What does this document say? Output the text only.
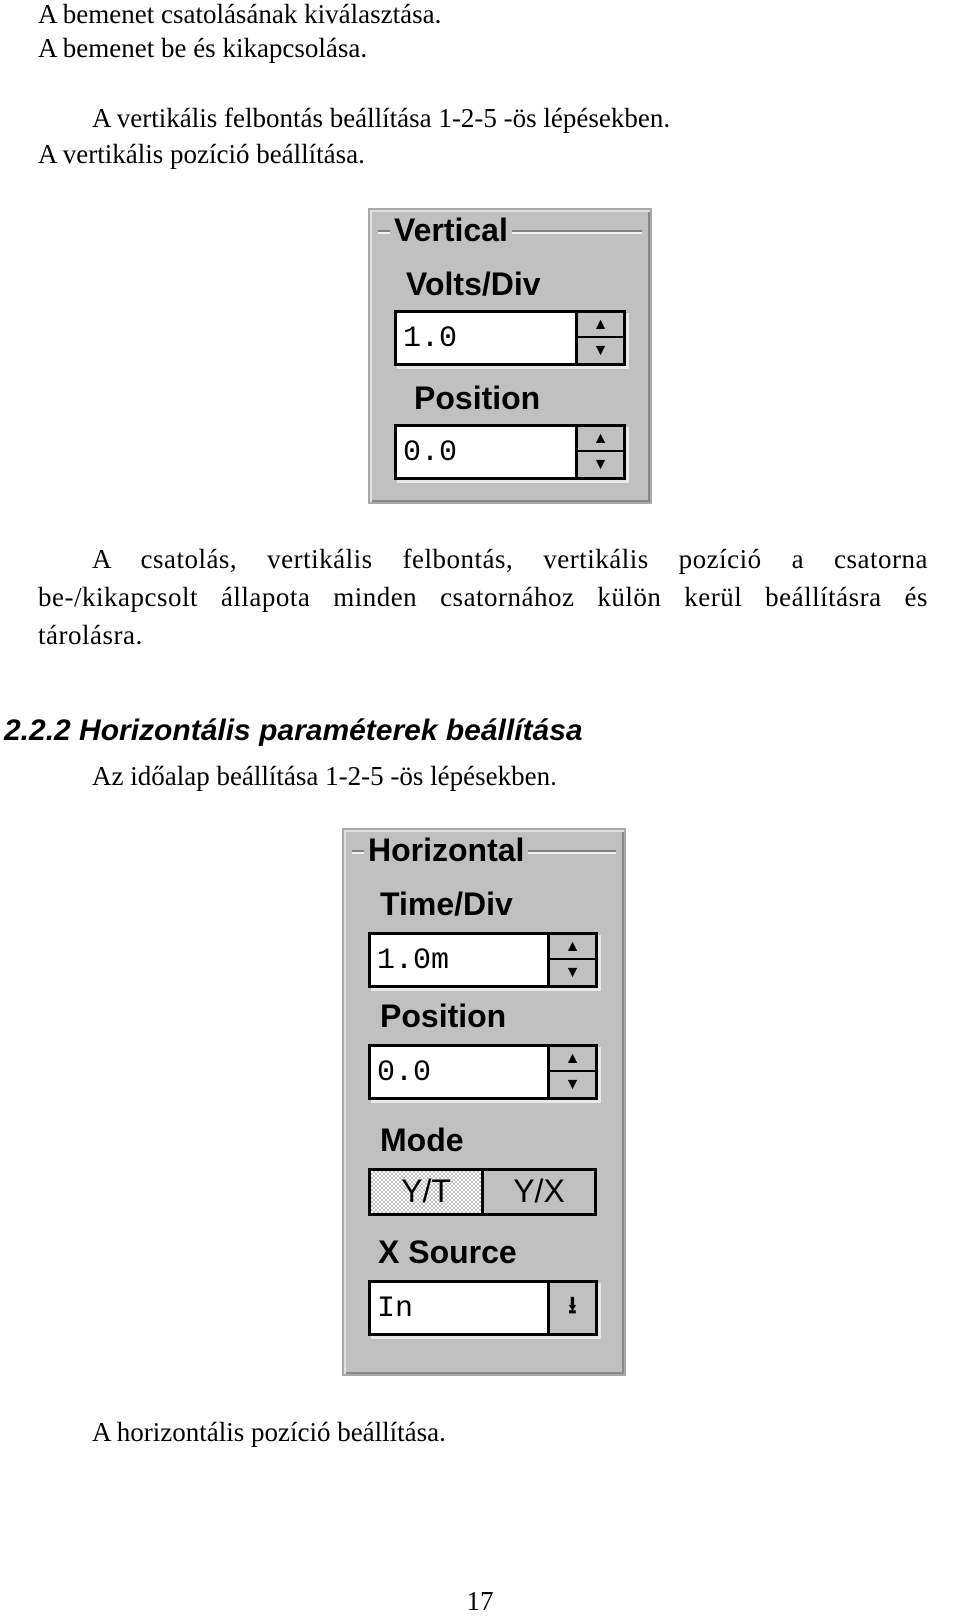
A bemenet csatolásának kiválasztása.
A bemenet be és kikapcsolása.
A vertikális felbontás beállítása 1-2-5 -ös lépésekben.
A vertikális pozíció beállítása.
Vertical
Volts/Div
1.0	▲
▼
Position
0.0	▲
▼
A csatolás, vertikális felbontás, vertikális pozíció a csatorna be-/kikapcsolt állapota minden csatornához külön kerül beállításra és tárolásra.
2.2.2 Horizontális paraméterek beállítása
Az időalap beállítása 1-2-5 -ös lépésekben.
Horizontal
Time/Div
1.0m	▲
▼
Position
0.0	▲
▼
Mode
Y/T	Y/X
X Source
In	⭳
A horizontális pozíció beállítása.
17
